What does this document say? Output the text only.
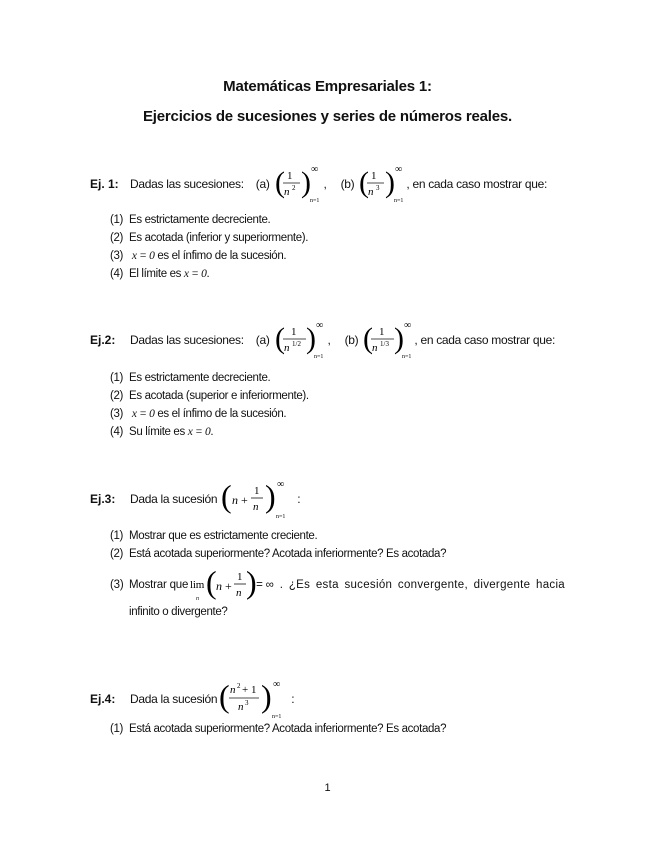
Matemáticas Empresariales 1:
Ejercicios de sucesiones y series de números reales.
Ej. 1: Dadas las sucesiones: (a) ( 1
n 2 ) ∞
n=1
, (b) ( 1
n 3 ) ∞
n=1
, en cada caso mostrar que:
(1) Es estrictamente decreciente.
(2) Es acotada (inferior y superiormente).
(3) x = 0 es el ínfimo de la sucesión.
(4) El límite es x = 0.
Ej.2:	Dadas las sucesiones: (a) ( 1
n 1/2 ) ∞
n=1
, (b) ( 1
n 1/3 ) ∞
n=1
, en cada caso mostrar que:
(1) Es estrictamente decreciente.
(2) Es acotada (superior e inferiormente).
(3) x = 0 es el ínfimo de la sucesión.
(4) Su límite es x = 0.
Ej.3:	Dada la sucesión ( n +
1
n ) ∞
n=1
:
(1) Mostrar que es estrictamente creciente.
(2) Está acotada superiormente? Acotada inferiormente? Es acotada?
(3) Mostrar que lim
n ( n +
1
n ) = ∞ . ¿Es esta sucesión convergente, divergente hacia
infinito o divergente?
Ej.4:	Dada la sucesión ( n 2 + 1
n 3 ) ∞
n=1
:
(1) Está acotada superiormente? Acotada inferiormente? Es acotada?
1
